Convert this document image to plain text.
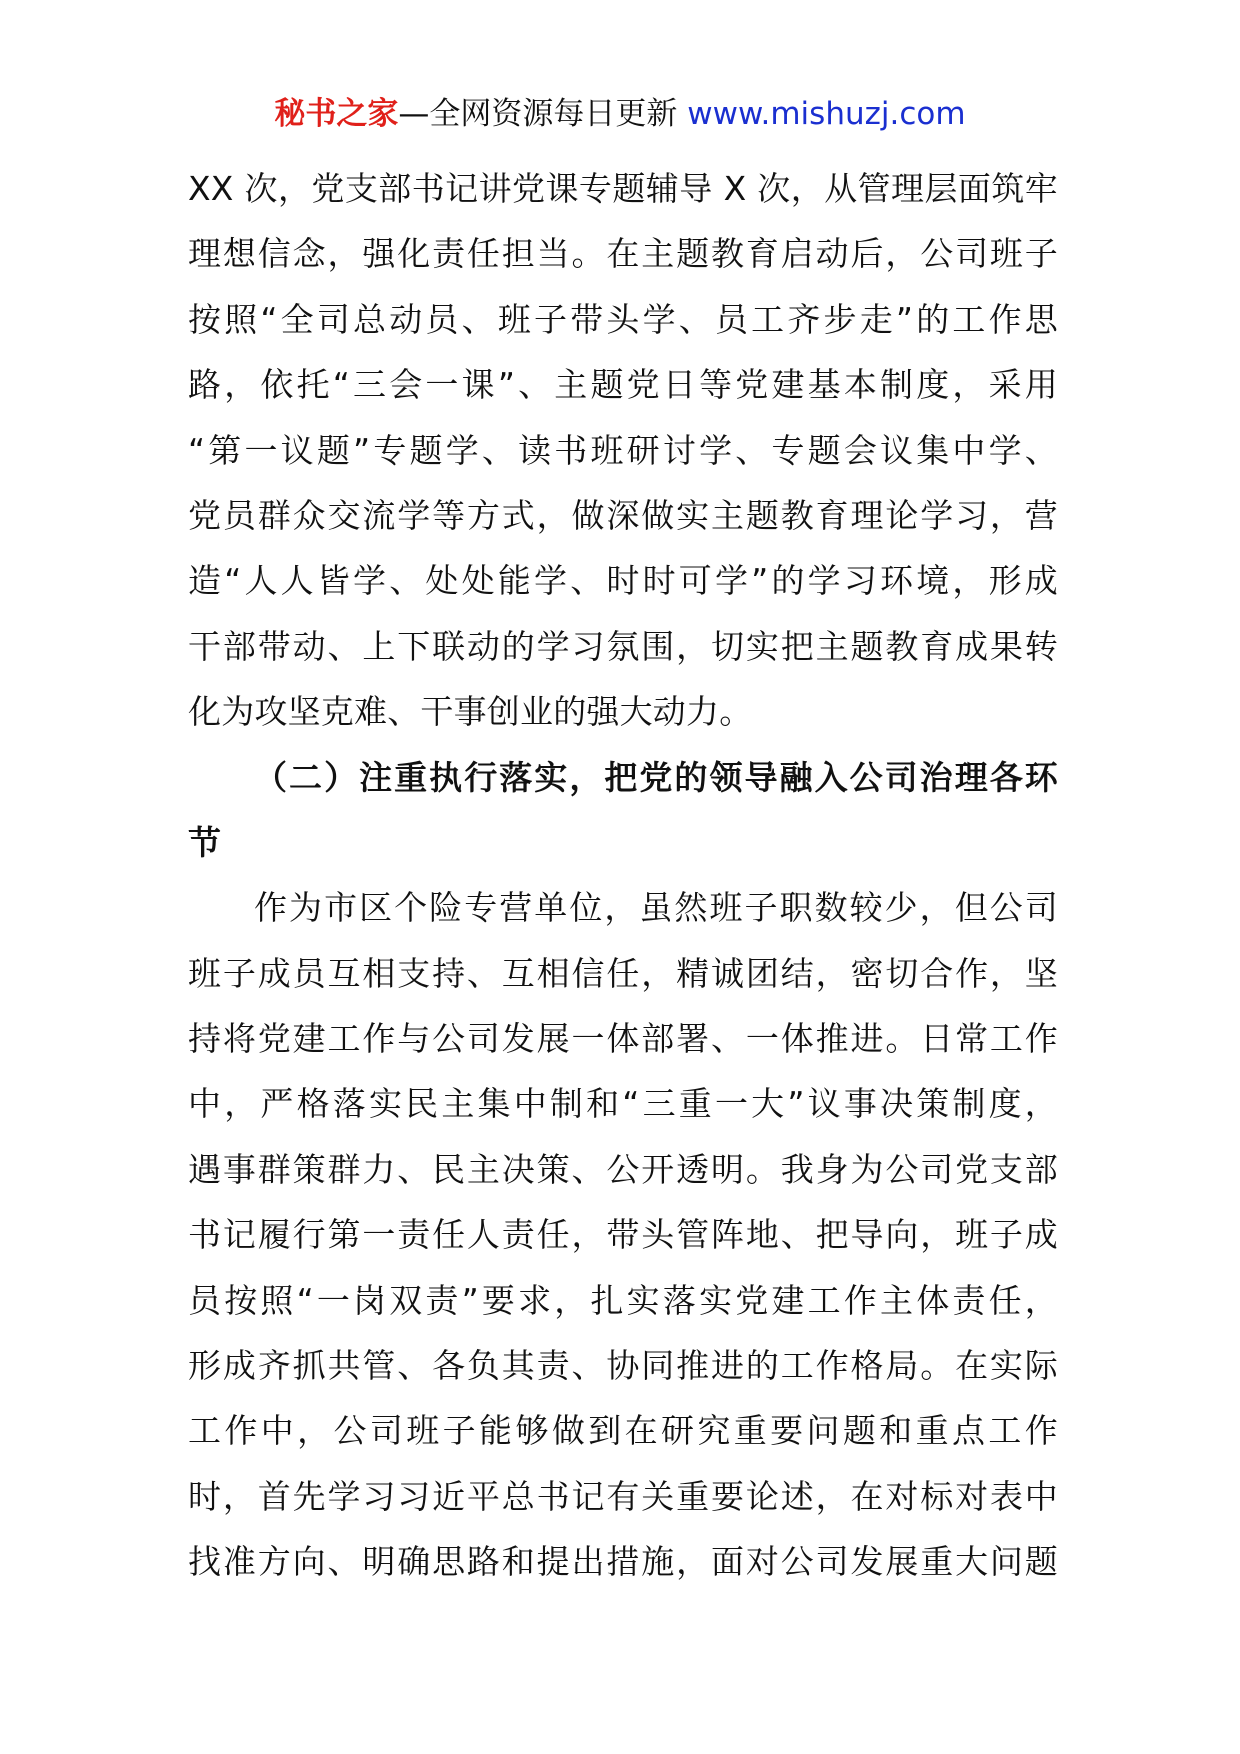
秘书之家—全网资源每日更新 www.mishuzj.com
XX 次，党支部书记讲党课专题辅导 X 次，从管理层面筑牢
理想信念，强化责任担当。在主题教育启动后，公司班子
按照“全司总动员、班子带头学、员工齐步走”的工作思
路，依托“三会一课”、主题党日等党建基本制度，采用
“第一议题”专题学、读书班研讨学、专题会议集中学、
党员群众交流学等方式，做深做实主题教育理论学习，营
造“人人皆学、处处能学、时时可学”的学习环境，形成
干部带动、上下联动的学习氛围，切实把主题教育成果转
化为攻坚克难、干事创业的强大动力。
（二）注重执行落实，把党的领导融入公司治理各环
节
作为市区个险专营单位，虽然班子职数较少，但公司
班子成员互相支持、互相信任，精诚团结，密切合作，坚
持将党建工作与公司发展一体部署、一体推进。日常工作
中，严格落实民主集中制和“三重一大”议事决策制度，
遇事群策群力、民主决策、公开透明。我身为公司党支部
书记履行第一责任人责任，带头管阵地、把导向，班子成
员按照“一岗双责”要求，扎实落实党建工作主体责任，
形成齐抓共管、各负其责、协同推进的工作格局。在实际
工作中，公司班子能够做到在研究重要问题和重点工作
时，首先学习习近平总书记有关重要论述，在对标对表中
找准方向、明确思路和提出措施，面对公司发展重大问题
